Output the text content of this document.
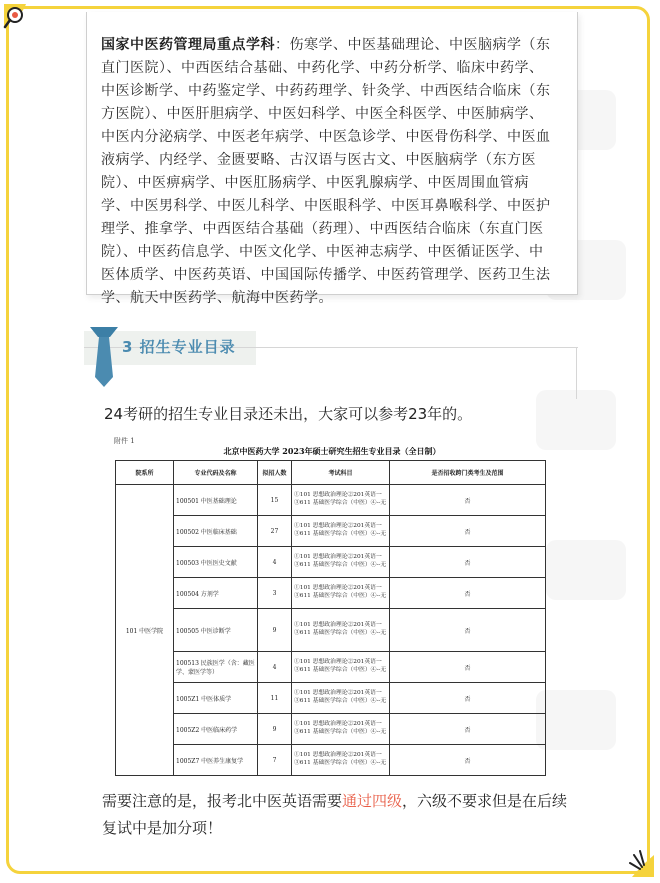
国家中医药管理局重点学科：伤寒学、中医基础理论、中医脑病学（东直门医院）、中西医结合基础、中药化学、中药分析学、临床中药学、中医诊断学、中药鉴定学、中药药理学、针灸学、中西医结合临床（东方医院）、中医肝胆病学、中医妇科学、中医全科医学、中医肺病学、中医内分泌病学、中医老年病学、中医急诊学、中医骨伤科学、中医血液病学、内经学、金匮要略、古汉语与医古文、中医脑病学（东方医院）、中医痹病学、中医肛肠病学、中医乳腺病学、中医周围血管病学、中医男科学、中医儿科学、中医眼科学、中医耳鼻喉科学、中医护理学、推拿学、中西医结合基础（药理）、中西医结合临床（东直门医院）、中医药信息学、中医文化学、中医神志病学、中医循证医学、中医体质学、中医药英语、中国国际传播学、中医药管理学、医药卫生法学、航天中医药学、航海中医药学。

3 招生专业目录
24考研的招生专业目录还未出，大家可以参考23年的。
附件 1
北京中医药大学 2023年硕士研究生招生专业目录（全日制）
院系所	专业代码及名称	拟招人数	考试科目	是否招收跨门类考生及范围
101 中医学院	100501 中医基础理论	15	①101 思想政治理论②201英语一③611 基础医学综合（中医）④--无	否
	100502 中医临床基础	27	①101 思想政治理论②201英语一③611 基础医学综合（中医）④--无	否
	100503 中医医史文献	4	①101 思想政治理论②201英语一③611 基础医学综合（中医）④--无	否
	100504 方剂学	3	①101 思想政治理论②201英语一③611 基础医学综合（中医）④--无	否
	100505 中医诊断学	9	①101 思想政治理论②201英语一③611 基础医学综合（中医）④--无	否
	100513 民族医学（含：藏医学、蒙医学等）	4	①101 思想政治理论②201英语一③611 基础医学综合（中医）④--无	否
	1005Z1 中医体质学	11	①101 思想政治理论②201英语一③611 基础医学综合（中医）④--无	否
	1005Z2 中医临床药学	9	①101 思想政治理论②201英语一③611 基础医学综合（中医）④--无	否
	1005Z7 中医养生康复学	7	①101 思想政治理论②201英语一③611 基础医学综合（中医）④--无	否
需要注意的是，报考北中医英语需要通过四级，六级不要求但是在后续复试中是加分项！
